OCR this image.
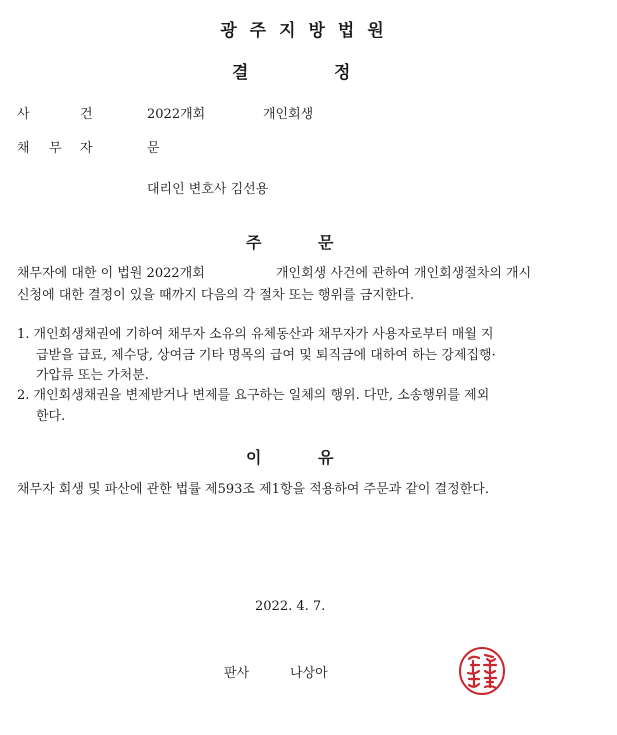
광주지방법원
결	정
사	건	2022개회	개인회생
채 무 자	문
대리인 변호사 김선용
주	문
채무자에 대한 이 법원 2022개회	개인회생 사건에 관하여 개인회생절차의 개시
신청에 대한 결정이 있을 때까지 다음의 각 절차 또는 행위를 금지한다.
1. 개인회생채권에 기하여 채무자 소유의 유체동산과 채무자가 사용자로부터 매월 지
급받을 급료, 제수당, 상여금 기타 명목의 급여 및 퇴직금에 대하여 하는 강제집행·
가압류 또는 가처분.
2. 개인회생채권을 변제받거나 변제를 요구하는 일체의 행위. 다만, 소송행위를 제외
한다.
이	유
채무자 회생 및 파산에 관한 법률 제593조 제1항을 적용하여 주문과 같이 결정한다.
2022. 4. 7.
판사	나상아
